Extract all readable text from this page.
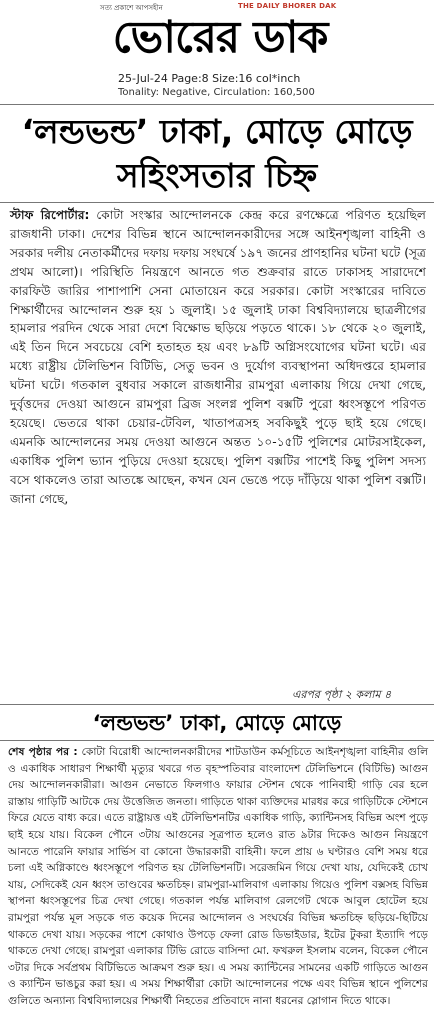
সত্য প্রকাশে আপসহীন	THE DAILY BHORER DAK
ভোরের ডাক
25-Jul-24 Page:8 Size:16 col*inch
Tonality: Negative, Circulation: 160,500
‘লন্ডভন্ড’ ঢাকা, মোড়ে মোড়ে সহিংসতার চিহ্ন

স্টাফ রিপোর্টার: কোটা সংস্কার আন্দোলনকে কেন্দ্র করে রণক্ষেত্রে পরিণত হয়েছিল রাজধানী ঢাকা। দেশের বিভিন্ন স্থানে আন্দোলনকারীদের সঙ্গে আইনশৃঙ্খলা বাহিনী ও সরকার দলীয় নেতাকর্মীদের দফায় দফায় সংঘর্ষে ১৯৭ জনের প্রাণহানির ঘটনা ঘটে (সূত্র প্রথম আলো)। পরিস্থিতি নিয়ন্ত্রণে আনতে গত শুক্রবার রাতে ঢাকাসহ সারাদেশে কারফিউ জারির পাশাপাশি সেনা মোতায়েন করে সরকার। কোটা সংস্কারের দাবিতে শিক্ষার্থীদের আন্দোলন শুরু হয় ১ জুলাই। ১৫ জুলাই ঢাকা বিশ্ববিদ্যালয়ে ছাত্রলীগের হামলার পরদিন থেকে সারা দেশে বিক্ষোভ ছড়িয়ে পড়তে থাকে। ১৮ থেকে ২০ জুলাই, এই তিন দিনে সবচেয়ে বেশি হতাহত হয় এবং ৮৯টি অগ্নিসংযোগের ঘটনা ঘটে। এর মধ্যে রাষ্ট্রীয় টেলিভিশন বিটিভি, সেতু ভবন ও দুর্যোগ ব্যবস্থাপনা অধিদপ্তরে হামলার ঘটনা ঘটে। গতকাল বুধবার সকালে রাজধানীর রামপুরা এলাকায় গিয়ে দেখা গেছে, দুর্বৃত্তদের দেওয়া আগুনে রামপুরা ব্রিজ সংলগ্ন পুলিশ বক্সটি পুরো ধ্বংসস্তূপে পরিণত হয়েছে। ভেতরে থাকা চেয়ার-টেবিল, খাতাপত্রসহ সবকিছুই পুড়ে ছাই হয়ে গেছে। এমনকি আন্দোলনের সময় দেওয়া আগুনে অন্তত ১০-১৫টি পুলিশের মোটরসাইকেল, একাধিক পুলিশ ভ্যান পুড়িয়ে দেওয়া হয়েছে। পুলিশ বক্সটির পাশেই কিছু পুলিশ সদস্য বসে থাকলেও তারা আতঙ্কে আছেন, কখন যেন ভেঙে পড়ে দাঁড়িয়ে থাকা পুলিশ বক্সটি। জানা গেছে,

এরপর পৃষ্ঠা ২ কলাম ৪
‘লন্ডভন্ড’ ঢাকা, মোড়ে মোড়ে
শেষ পৃষ্ঠার পর : কোটা বিরোধী আন্দোলনকারীদের শাটডাউন কর্মসূচিতে আইনশৃঙ্খলা বাহিনীর গুলি ও একাধিক সাধারণ শিক্ষার্থী মৃত্যুর খবরে গত বৃহস্পতিবার বাংলাদেশ টেলিভিশনে (বিটিভি) আগুন দেয় আন্দোলনকারীরা। আগুন নেভাতে ফিলগাও ফায়ার স্টেশন থেকে পানিবাহী গাড়ি বের হলে রাস্তায় গাড়িটি আটকে দেয় উত্তেজিত জনতা। গাড়িতে থাকা ব্যক্তিদের মারধর করে গাড়িটিকে স্টেশনে ফিরে যেতে বাধ্য করে। এতে রাষ্ট্রায়ত্ত এই টেলিভিশনটির একাধিক গাড়ি, ক্যান্টিনসহ বিভিন্ন অংশ পুড়ে ছাই হয়ে যায়। বিকেল পৌনে ৩টায় আগুনের সূত্রপাত হলেও রাত ৯টার দিকেও আগুন নিয়ন্ত্রণে আনতে পারেনি ফায়ার সার্ভিস বা কোনো উদ্ধারকারী বাহিনী। ফলে প্রায় ৬ ঘণ্টারও বেশি সময় ধরে চলা এই অগ্নিকাণ্ডে ধ্বংসস্তূপে পরিণত হয় টেলিভিশনটি। সরেজমিন গিয়ে দেখা যায়, যেদিকেই চোখ যায়, সেদিকেই যেন ধ্বংস তাণ্ডবের ক্ষতচিহ্ন। রামপুরা-মালিবাগ এলাকায় গিয়েও পুলিশ বক্সসহ বিভিন্ন স্থাপনা ধ্বংসস্তূপের চিত্র দেখা গেছে। গতকাল পর্যন্ত মালিবাগ রেলগেট থেকে আবুল হোটেল হয়ে রামপুরা পর্যন্ত মূল সড়কে গত কয়েক দিনের আন্দোলন ও সংঘর্ষের বিভিন্ন ক্ষতচিহ্ন ছড়িয়ে-ছিটিয়ে থাকতে দেখা যায়। সড়কের পাশে কোথাও উপড়ে ফেলা রোড ডিভাইডার, ইটের টুকরা ইত্যাদি পড়ে থাকতে দেখা গেছে। রামপুরা এলাকার টিভি রোডে বাসিন্দা মো. ফখরুল ইসলাম বলেন, বিকেল পৌনে ৩টার দিকে সর্বপ্রথম বিটিভিতে আক্রমণ শুরু হয়। এ সময় ক্যান্টিনের সামনের একটি গাড়িতে আগুন ও ক্যান্টিন ভাঙচুর করা হয়। এ সময় শিক্ষার্থীরা কোটা আন্দোলনের পক্ষে এবং বিভিন্ন স্থানে পুলিশের গুলিতে অন্যান্য বিশ্ববিদ্যালয়ের শিক্ষার্থী নিহতের প্রতিবাদে নানা ধরনের স্লোগান দিতে থাকে।
